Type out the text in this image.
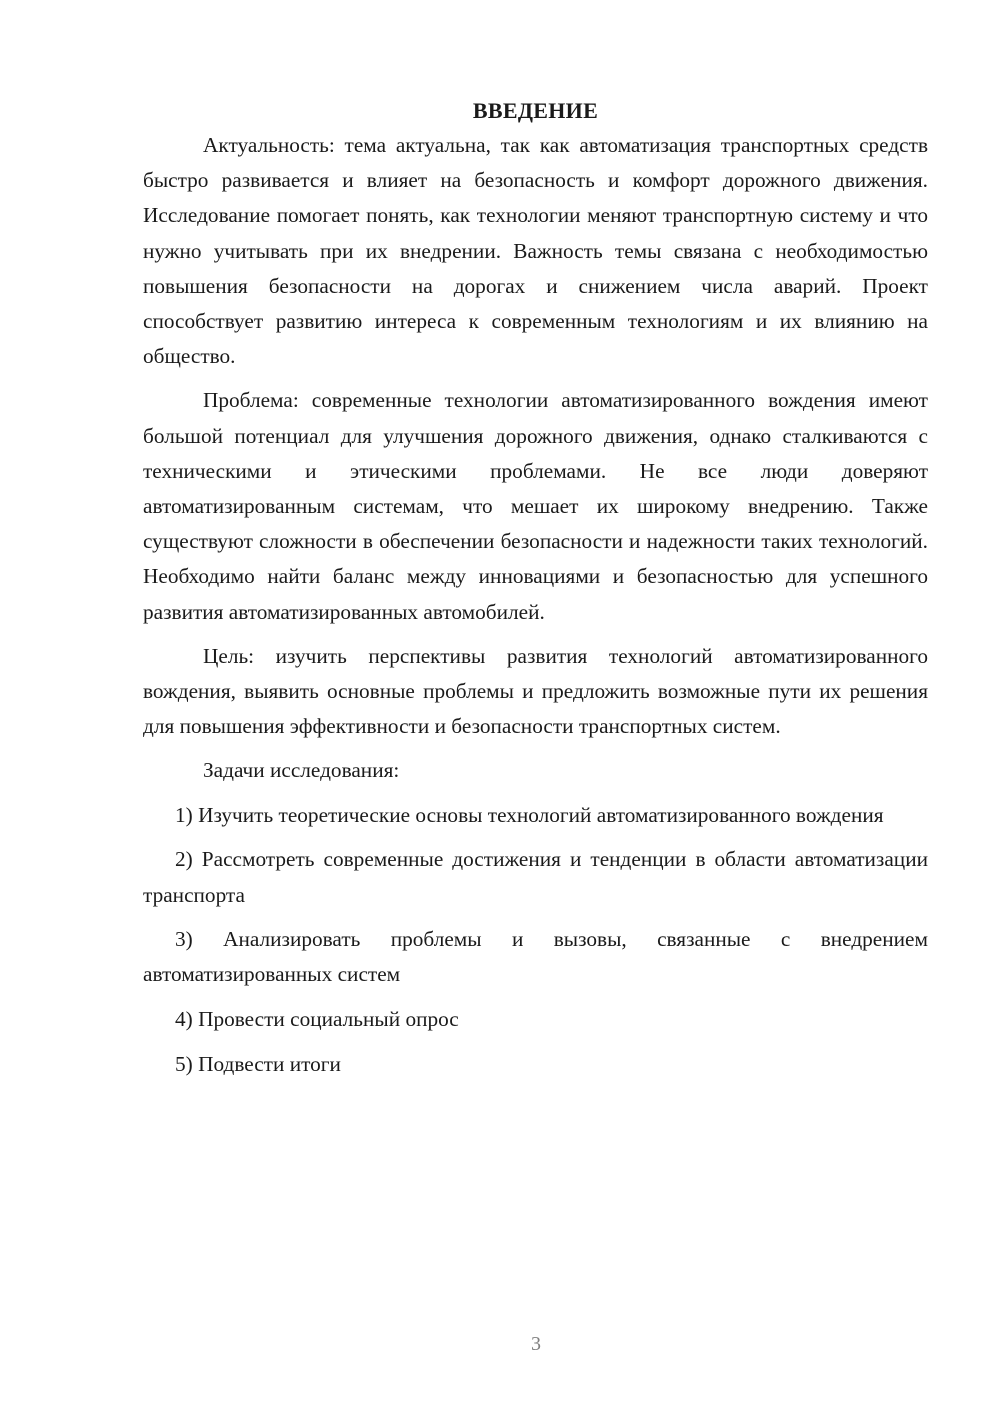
ВВЕДЕНИЕ

Актуальность: тема актуальна, так как автоматизация транспортных средств быстро развивается и влияет на безопасность и комфорт дорожного движения. Исследование помогает понять, как технологии меняют транспортную систему и что нужно учитывать при их внедрении. Важность темы связана с необходимостью повышения безопасности на дорогах и снижением числа аварий. Проект способствует развитию интереса к современным технологиям и их влиянию на общество.

Проблема: современные технологии автоматизированного вождения имеют большой потенциал для улучшения дорожного движения, однако сталкиваются с техническими и этическими проблемами. Не все люди доверяют автоматизированным системам, что мешает их широкому внедрению. Также существуют сложности в обеспечении безопасности и надежности таких технологий. Необходимо найти баланс между инновациями и безопасностью для успешного развития автоматизированных автомобилей.

Цель: изучить перспективы развития технологий автоматизированного вождения, выявить основные проблемы и предложить возможные пути их решения для повышения эффективности и безопасности транспортных систем.

Задачи исследования:

1) Изучить теоретические основы технологий автоматизированного вождения
2) Рассмотреть современные достижения и тенденции в области автоматизации транспорта
3) Анализировать проблемы и вызовы, связанные с внедрением автоматизированных систем
4) Провести социальный опрос
5) Подвести итоги
3
